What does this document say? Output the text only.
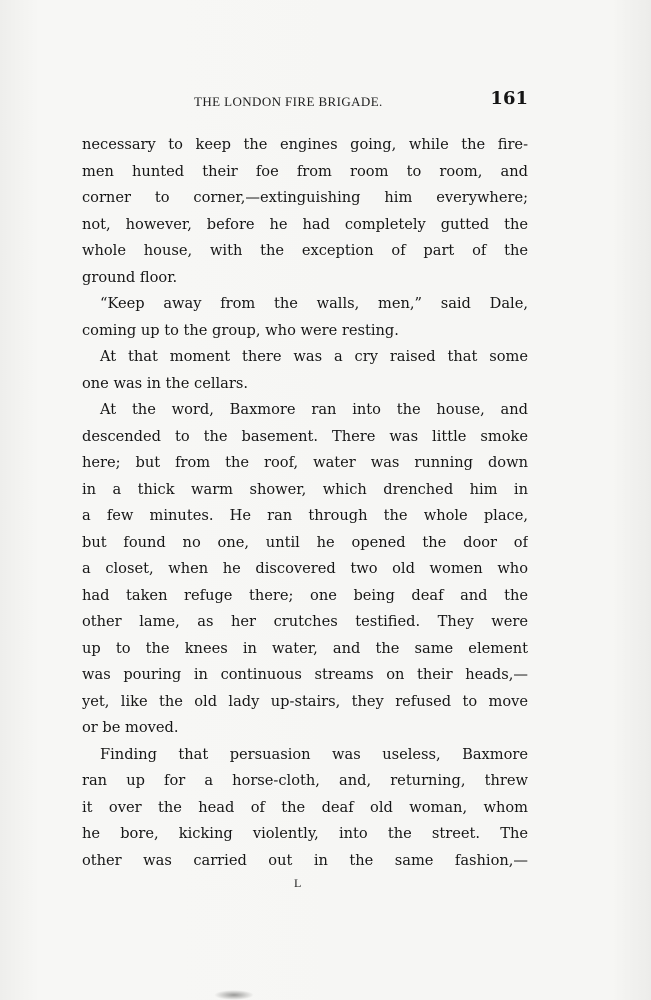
THE LONDON FIRE BRIGADE.	161
necessary to keep the engines going, while the fire-
men hunted their foe from room to room, and
corner to corner,—extinguishing him everywhere;
not, however, before he had completely gutted the
whole house, with the exception of part of the
ground floor.
“Keep away from the walls, men,” said Dale,
coming up to the group, who were resting.
At that moment there was a cry raised that some
one was in the cellars.
At the word, Baxmore ran into the house, and
descended to the basement. There was little smoke
here; but from the roof, water was running down
in a thick warm shower, which drenched him in
a few minutes. He ran through the whole place,
but found no one, until he opened the door of
a closet, when he discovered two old women who
had taken refuge there; one being deaf and the
other lame, as her crutches testified. They were
up to the knees in water, and the same element
was pouring in continuous streams on their heads,—
yet, like the old lady up-stairs, they refused to move
or be moved.
Finding that persuasion was useless, Baxmore
ran up for a horse-cloth, and, returning, threw
it over the head of the deaf old woman, whom
he bore, kicking violently, into the street. The
other was carried out in the same fashion,—
L
